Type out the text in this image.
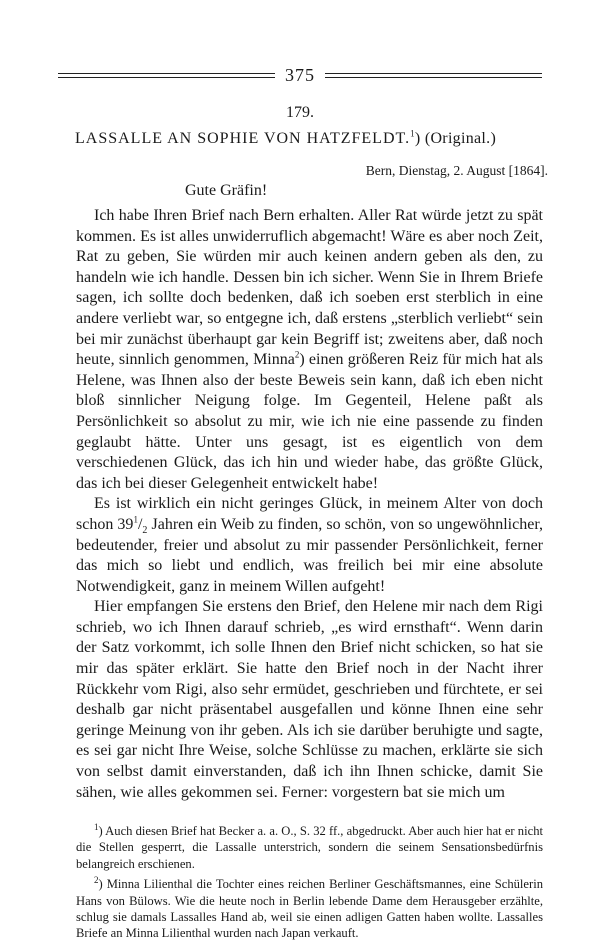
375
179.
LASSALLE AN SOPHIE VON HATZFELDT.$^1$) (Original.)
Bern, Dienstag, 2. August [1864].
Gute Gräfin!

Ich habe Ihren Brief nach Bern erhalten. Aller Rat würde jetzt zu spät kommen. Es ist alles unwiderruflich abgemacht! Wäre es aber noch Zeit, Rat zu geben, Sie würden mir auch keinen andern geben als den, zu handeln wie ich handle. Dessen bin ich sicher. Wenn Sie in Ihrem Briefe sagen, ich sollte doch bedenken, daß ich soeben erst sterblich in eine andere verliebt war, so entgegne ich, daß erstens „sterblich verliebt“ sein bei mir zunächst überhaupt gar kein Begriff ist; zweitens aber, daß noch heute, sinnlich genommen, Minna$^2$) einen größeren Reiz für mich hat als Helene, was Ihnen also der beste Beweis sein kann, daß ich eben nicht bloß sinnlicher Neigung folge. Im Gegenteil, Helene paßt als Persönlichkeit so absolut zu mir, wie ich nie eine passende zu finden geglaubt hätte. Unter uns gesagt, ist es eigentlich von dem verschiedenen Glück, das ich hin und wieder habe, das größte Glück, das ich bei dieser Gelegenheit entwickelt habe!

Es ist wirklich ein nicht geringes Glück, in meinem Alter von doch schon $39^1/_2$ Jahren ein Weib zu finden, so schön, von so ungewöhnlicher, bedeutender, freier und absolut zu mir passender Persönlichkeit, ferner das mich so liebt und endlich, was freilich bei mir eine absolute Notwendigkeit, ganz in meinem Willen aufgeht!

Hier empfangen Sie erstens den Brief, den Helene mir nach dem Rigi schrieb, wo ich Ihnen darauf schrieb, „es wird ernsthaft“. Wenn darin der Satz vorkommt, ich solle Ihnen den Brief nicht schicken, so hat sie mir das später erklärt. Sie hatte den Brief noch in der Nacht ihrer Rückkehr vom Rigi, also sehr ermüdet, geschrieben und fürchtete, er sei deshalb gar nicht präsentabel ausgefallen und könne Ihnen eine sehr geringe Meinung von ihr geben. Als ich sie darüber beruhigte und sagte, es sei gar nicht Ihre Weise, solche Schlüsse zu machen, erklärte sie sich von selbst damit einverstanden, daß ich ihn Ihnen schicke, damit Sie sähen, wie alles gekommen sei. Ferner: vorgestern bat sie mich um

$^1$) Auch diesen Brief hat Becker a. a. O., S. 32 ff., abgedruckt. Aber auch hier hat er nicht die Stellen gesperrt, die Lassalle unterstrich, sondern die seinem Sensationsbedürfnis belangreich erschienen.

$^2$) Minna Lilienthal die Tochter eines reichen Berliner Geschäftsmannes, eine Schülerin Hans von Bülows. Wie die heute noch in Berlin lebende Dame dem Herausgeber erzählte, schlug sie damals Lassalles Hand ab, weil sie einen adligen Gatten haben wollte. Lassalles Briefe an Minna Lilienthal wurden nach Japan verkauft.
